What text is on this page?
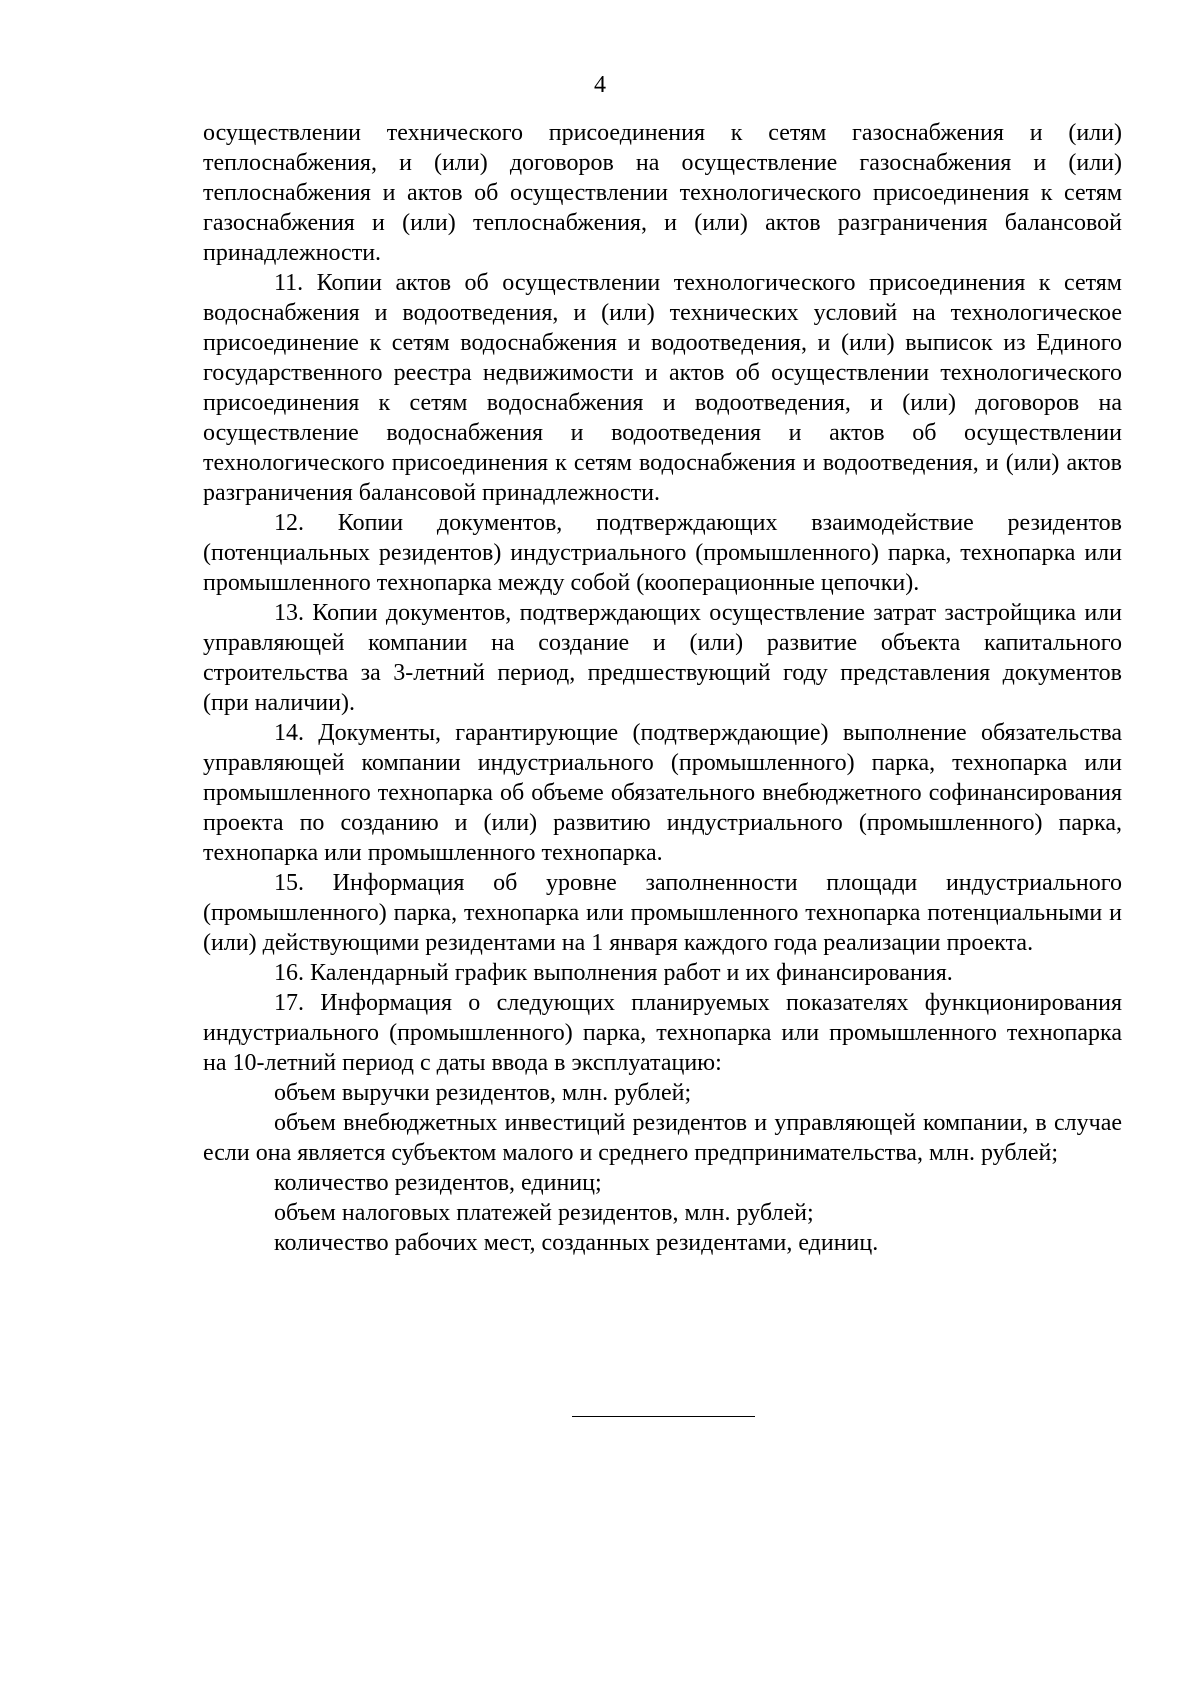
4

осуществлении технического присоединения к сетям газоснабжения и (или) теплоснабжения, и (или) договоров на осуществление газоснабжения и (или) теплоснабжения и актов об осуществлении технологического присоединения к сетям газоснабжения и (или) теплоснабжения, и (или) актов разграничения балансовой принадлежности.

11. Копии актов об осуществлении технологического присоединения к сетям водоснабжения и водоотведения, и (или) технических условий на технологическое присоединение к сетям водоснабжения и водоотведения, и (или) выписок из Единого государственного реестра недвижимости и актов об осуществлении технологического присоединения к сетям водоснабжения и водоотведения, и (или) договоров на осуществление водоснабжения и водоотведения и актов об осуществлении технологического присоединения к сетям водоснабжения и водоотведения, и (или) актов разграничения балансовой принадлежности.

12. Копии документов, подтверждающих взаимодействие резидентов (потенциальных резидентов) индустриального (промышленного) парка, технопарка или промышленного технопарка между собой (кооперационные цепочки).

13. Копии документов, подтверждающих осуществление затрат застройщика или управляющей компании на создание и (или) развитие объекта капитального строительства за 3-летний период, предшествующий году представления документов (при наличии).

14. Документы, гарантирующие (подтверждающие) выполнение обязательства управляющей компании индустриального (промышленного) парка, технопарка или промышленного технопарка об объеме обязательного внебюджетного софинансирования проекта по созданию и (или) развитию индустриального (промышленного) парка, технопарка или промышленного технопарка.

15. Информация об уровне заполненности площади индустриального (промышленного) парка, технопарка или промышленного технопарка потенциальными и (или) действующими резидентами на 1 января каждого года реализации проекта.

16. Календарный график выполнения работ и их финансирования.

17. Информация о следующих планируемых показателях функционирования индустриального (промышленного) парка, технопарка или промышленного технопарка на 10-летний период с даты ввода в эксплуатацию:

объем выручки резидентов, млн. рублей;

объем внебюджетных инвестиций резидентов и управляющей компании, в случае если она является субъектом малого и среднего предпринимательства, млн. рублей;

количество резидентов, единиц;

объем налоговых платежей резидентов, млн. рублей;

количество рабочих мест, созданных резидентами, единиц.
